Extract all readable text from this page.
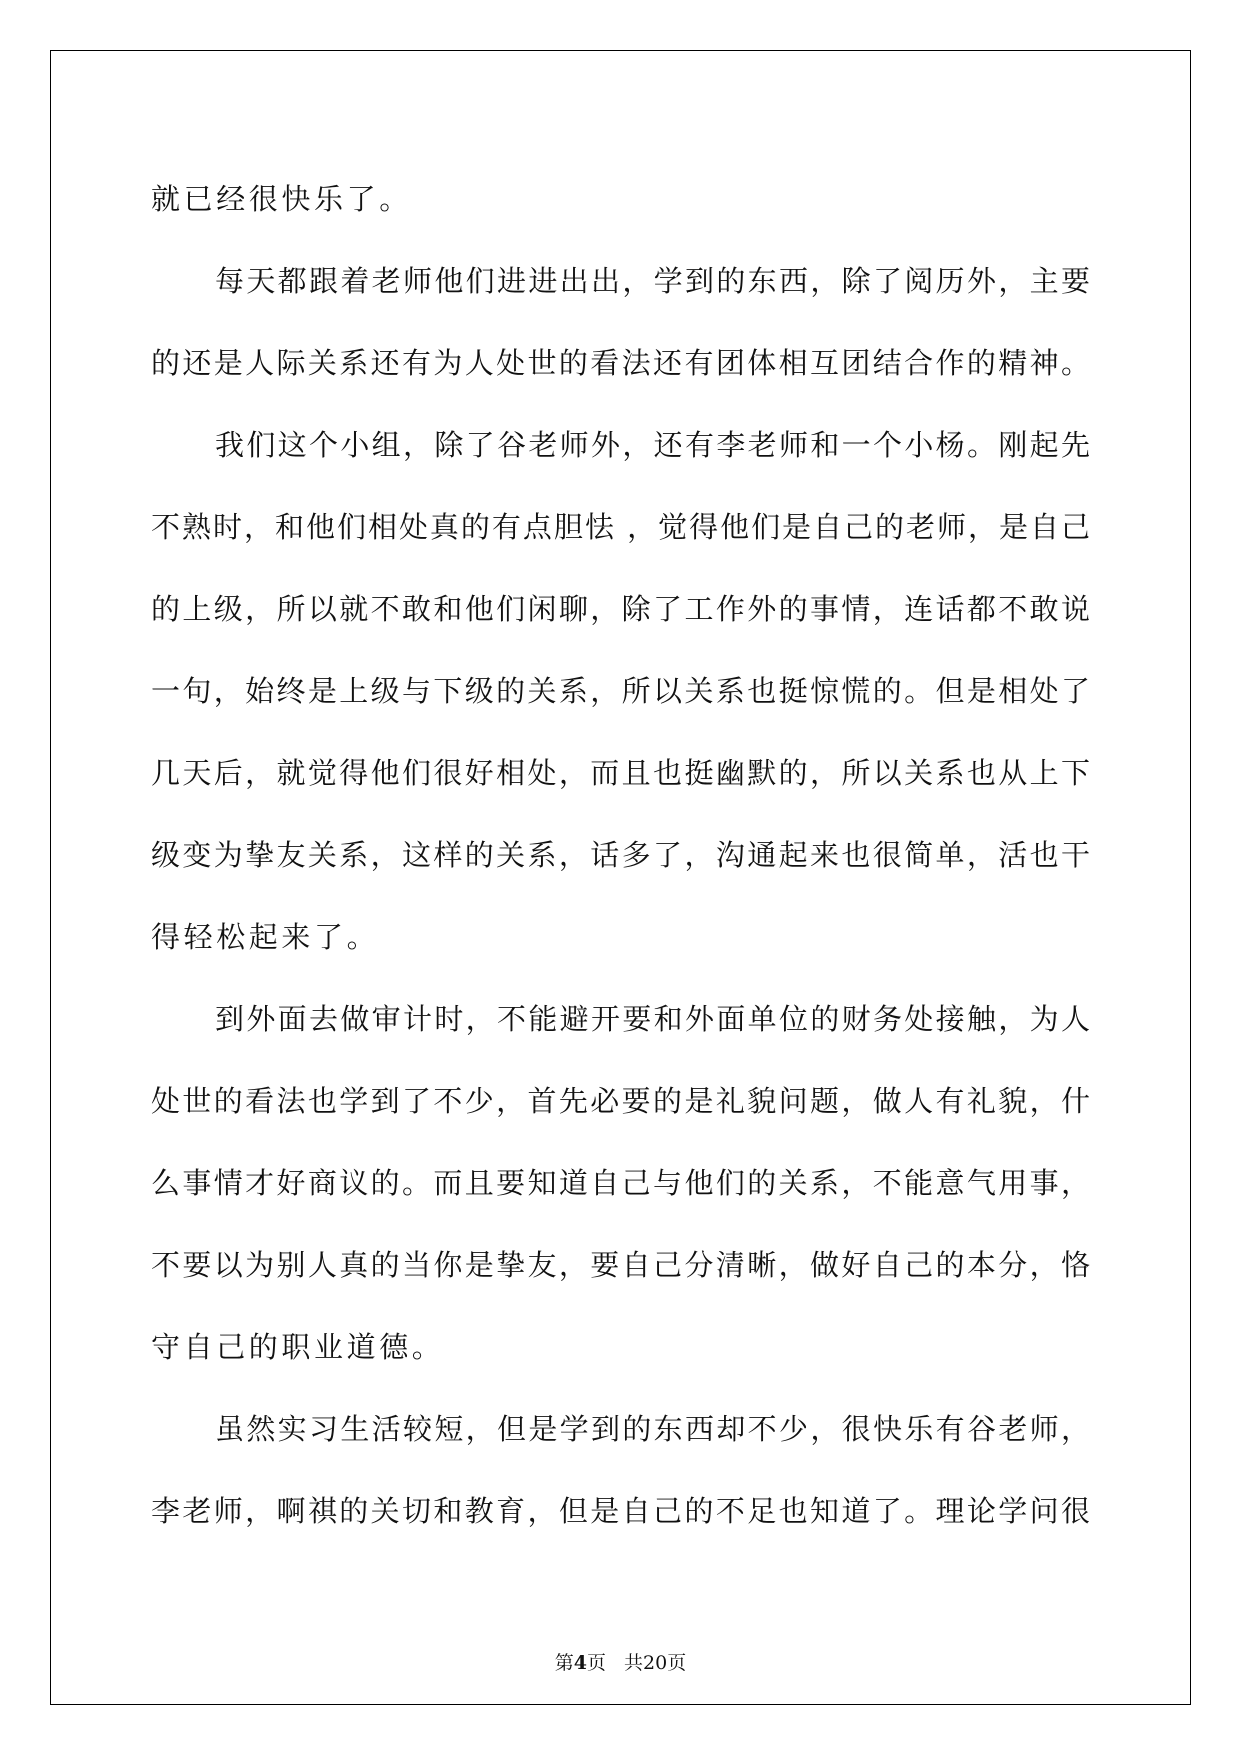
就已经很快乐了。
每天都跟着老师他们进进出出，学到的东西，除了阅历外，主要
的还是人际关系还有为人处世的看法还有团体相互团结合作的精神。
我们这个小组，除了谷老师外，还有李老师和一个小杨。刚起先
不熟时，和他们相处真的有点胆怯 ，觉得他们是自己的老师，是自己
的上级，所以就不敢和他们闲聊，除了工作外的事情，连话都不敢说
一句，始终是上级与下级的关系，所以关系也挺惊慌的。但是相处了
几天后，就觉得他们很好相处，而且也挺幽默的，所以关系也从上下
级变为挚友关系，这样的关系，话多了，沟通起来也很简单，活也干
得轻松起来了。
到外面去做审计时，不能避开要和外面单位的财务处接触，为人
处世的看法也学到了不少，首先必要的是礼貌问题，做人有礼貌，什
么事情才好商议的。而且要知道自己与他们的关系，不能意气用事，
不要以为别人真的当你是挚友，要自己分清晰，做好自己的本分，恪
守自己的职业道德。
虽然实习生活较短，但是学到的东西却不少，很快乐有谷老师，
李老师，啊祺的关切和教育，但是自己的不足也知道了。理论学问很
第4页 共20页
